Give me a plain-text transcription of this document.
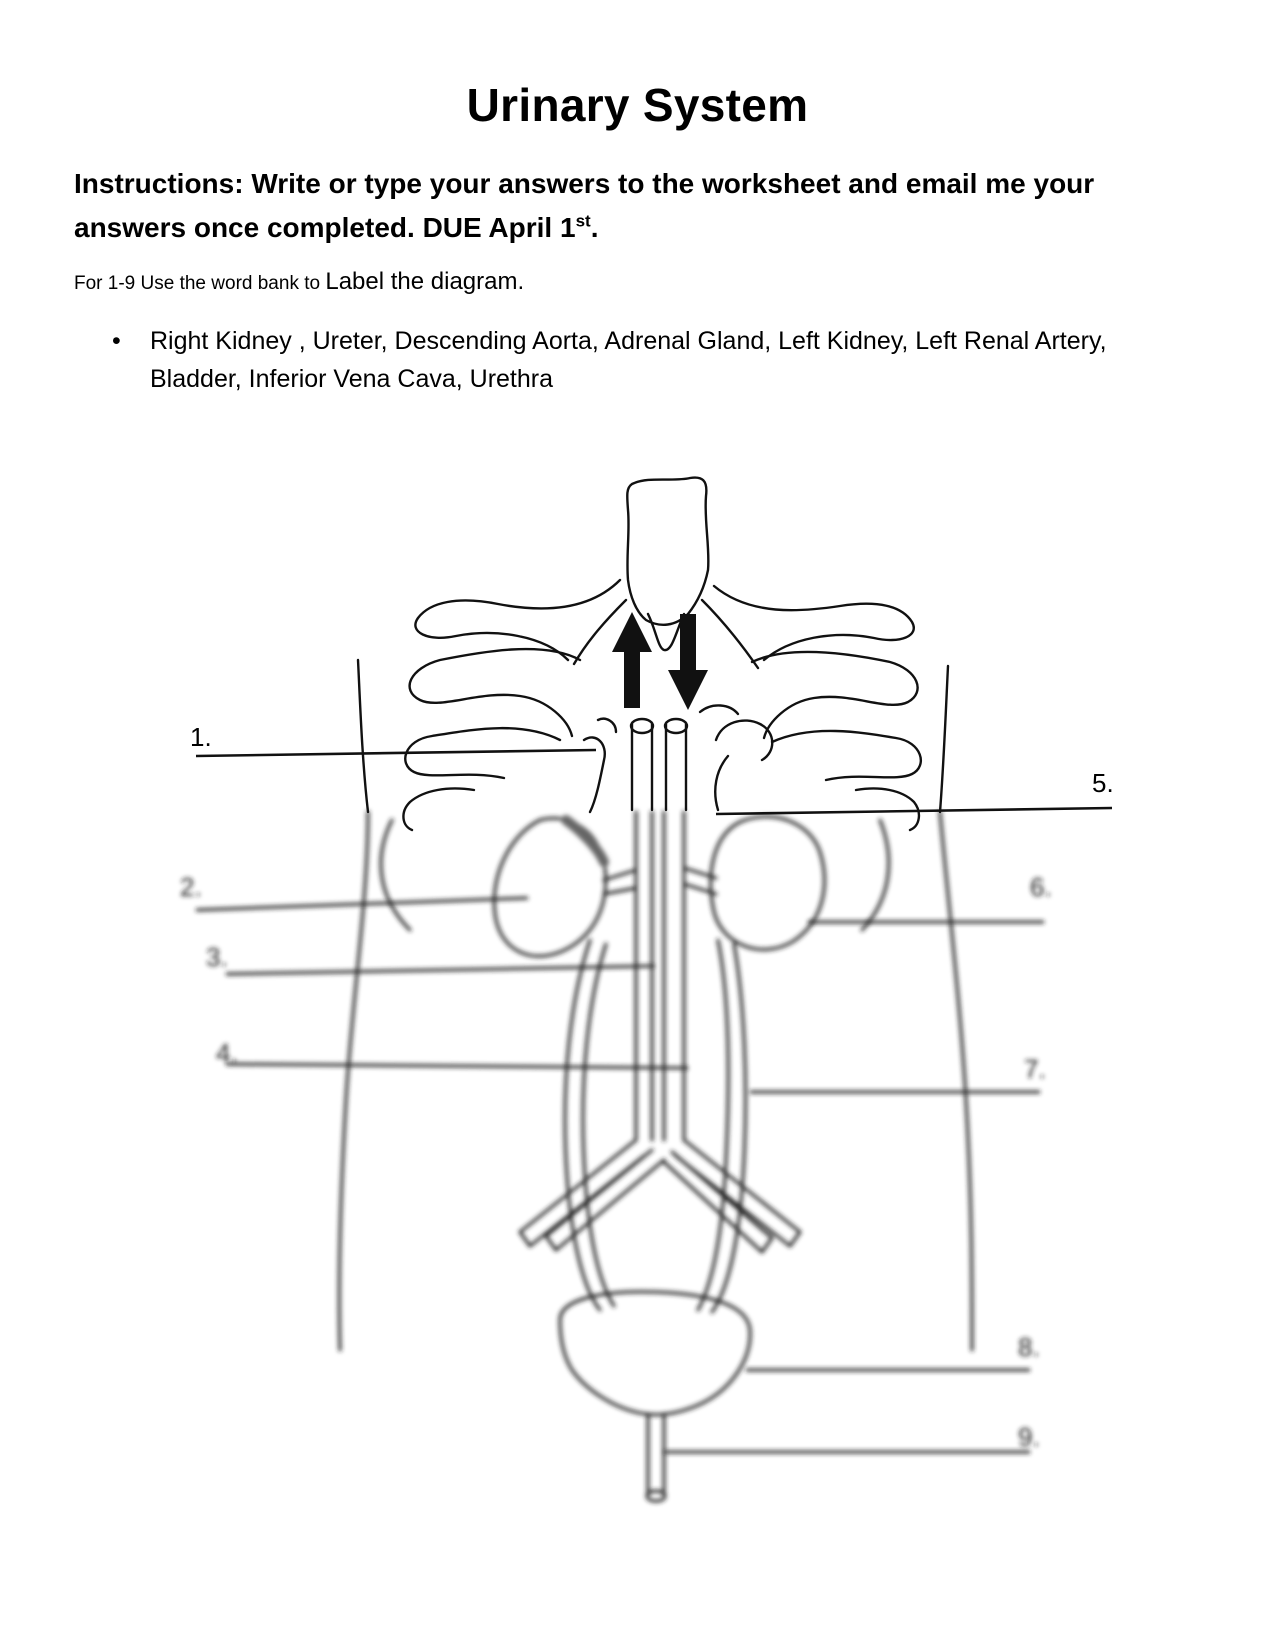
Urinary System
Instructions: Write or type your answers to the worksheet and email me your answers once completed. DUE April 1st.
For 1-9 Use the word bank to Label the diagram.
• Right Kidney , Ureter, Descending Aorta, Adrenal Gland, Left Kidney, Left Renal Artery, Bladder, Inferior Vena Cava, Urethra
1.
5.
2.
3.
4.
6.
7.
8.
9.
